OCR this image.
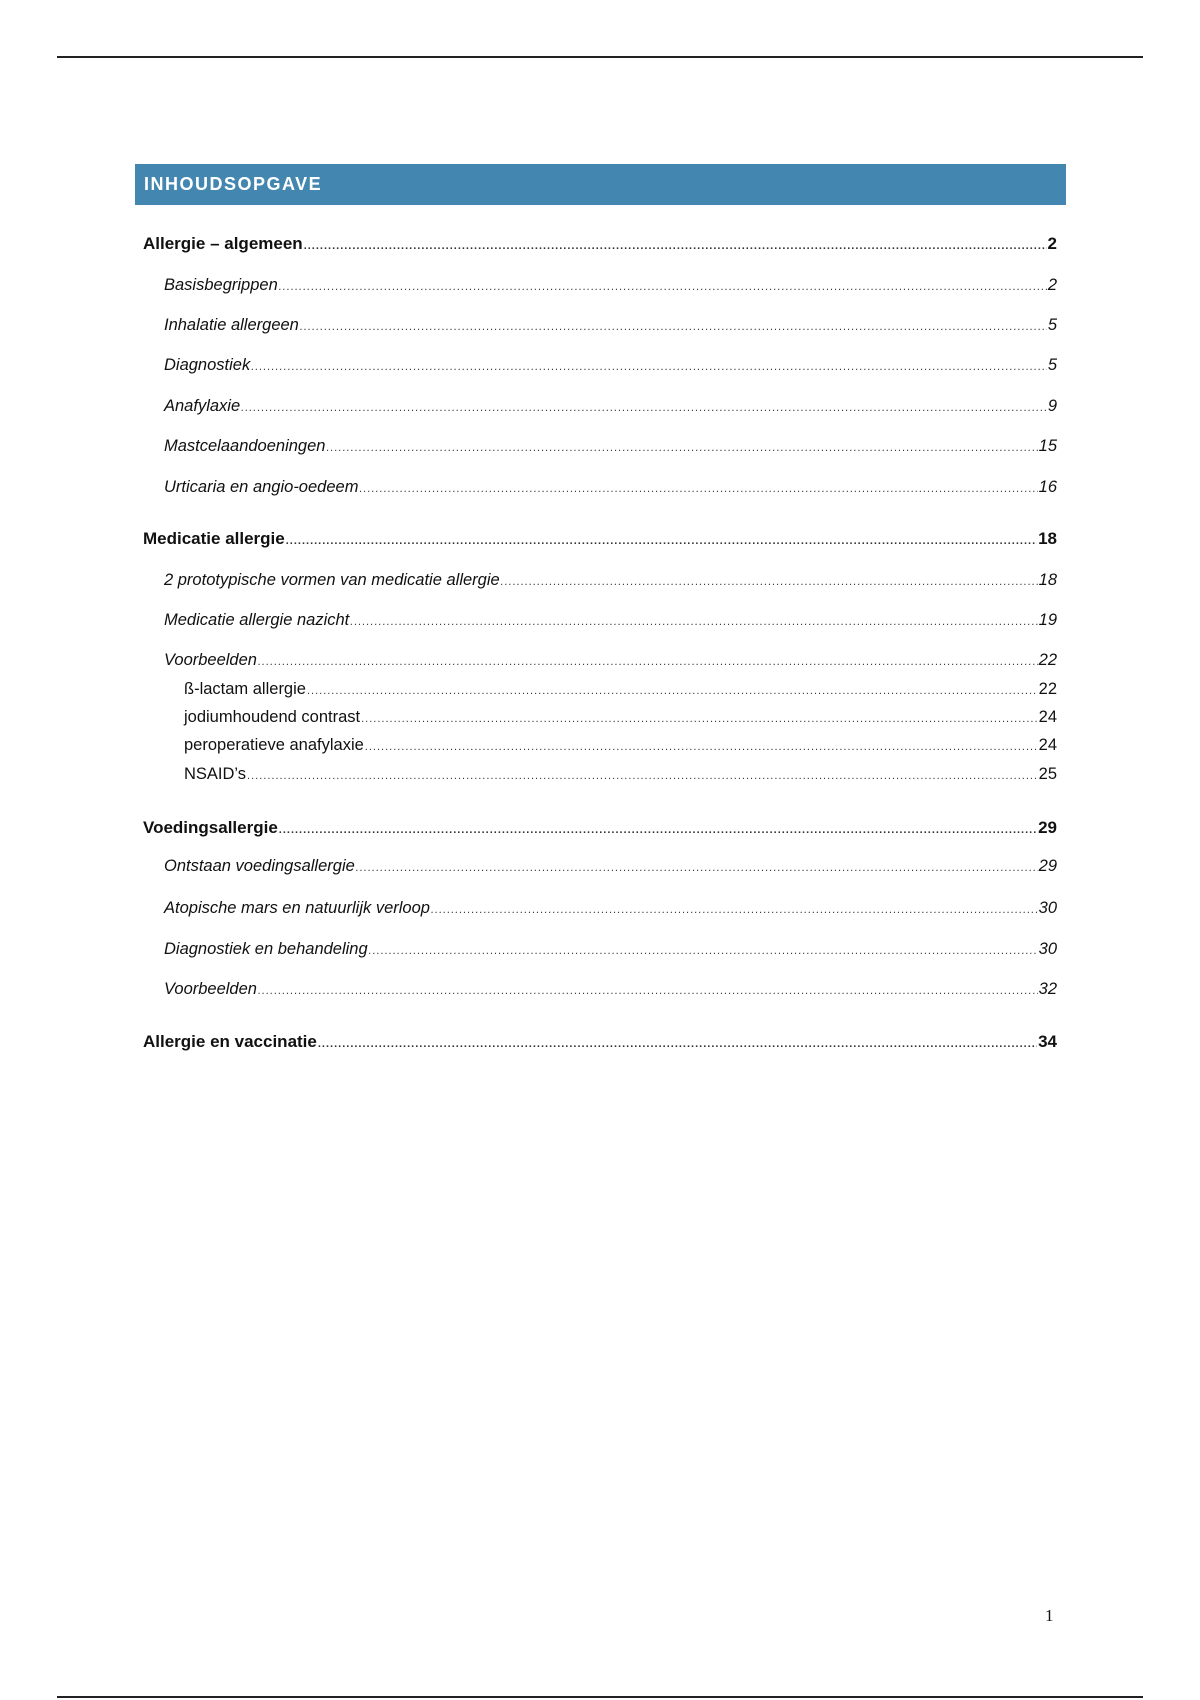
INHOUDSOPGAVE
Allergie – algemeen .....	2
Basisbegrippen .....	2
Inhalatie allergeen .....	5
Diagnostiek .....	5
Anafylaxie .....	9
Mastcelaandoeningen .....	15
Urticaria en angio-oedeem .....	16
Medicatie allergie .....	18
2 prototypische vormen van medicatie allergie .....	18
Medicatie allergie nazicht .....	19
Voorbeelden .....	22
ß-lactam allergie .....	22
jodiumhoudend contrast .....	24
peroperatieve anafylaxie .....	24
NSAID’s .....	25
Voedingsallergie .....	29
Ontstaan voedingsallergie .....	29
Atopische mars en natuurlijk verloop .....	30
Diagnostiek en behandeling .....	30
Voorbeelden .....	32
Allergie en vaccinatie .....	34
1
